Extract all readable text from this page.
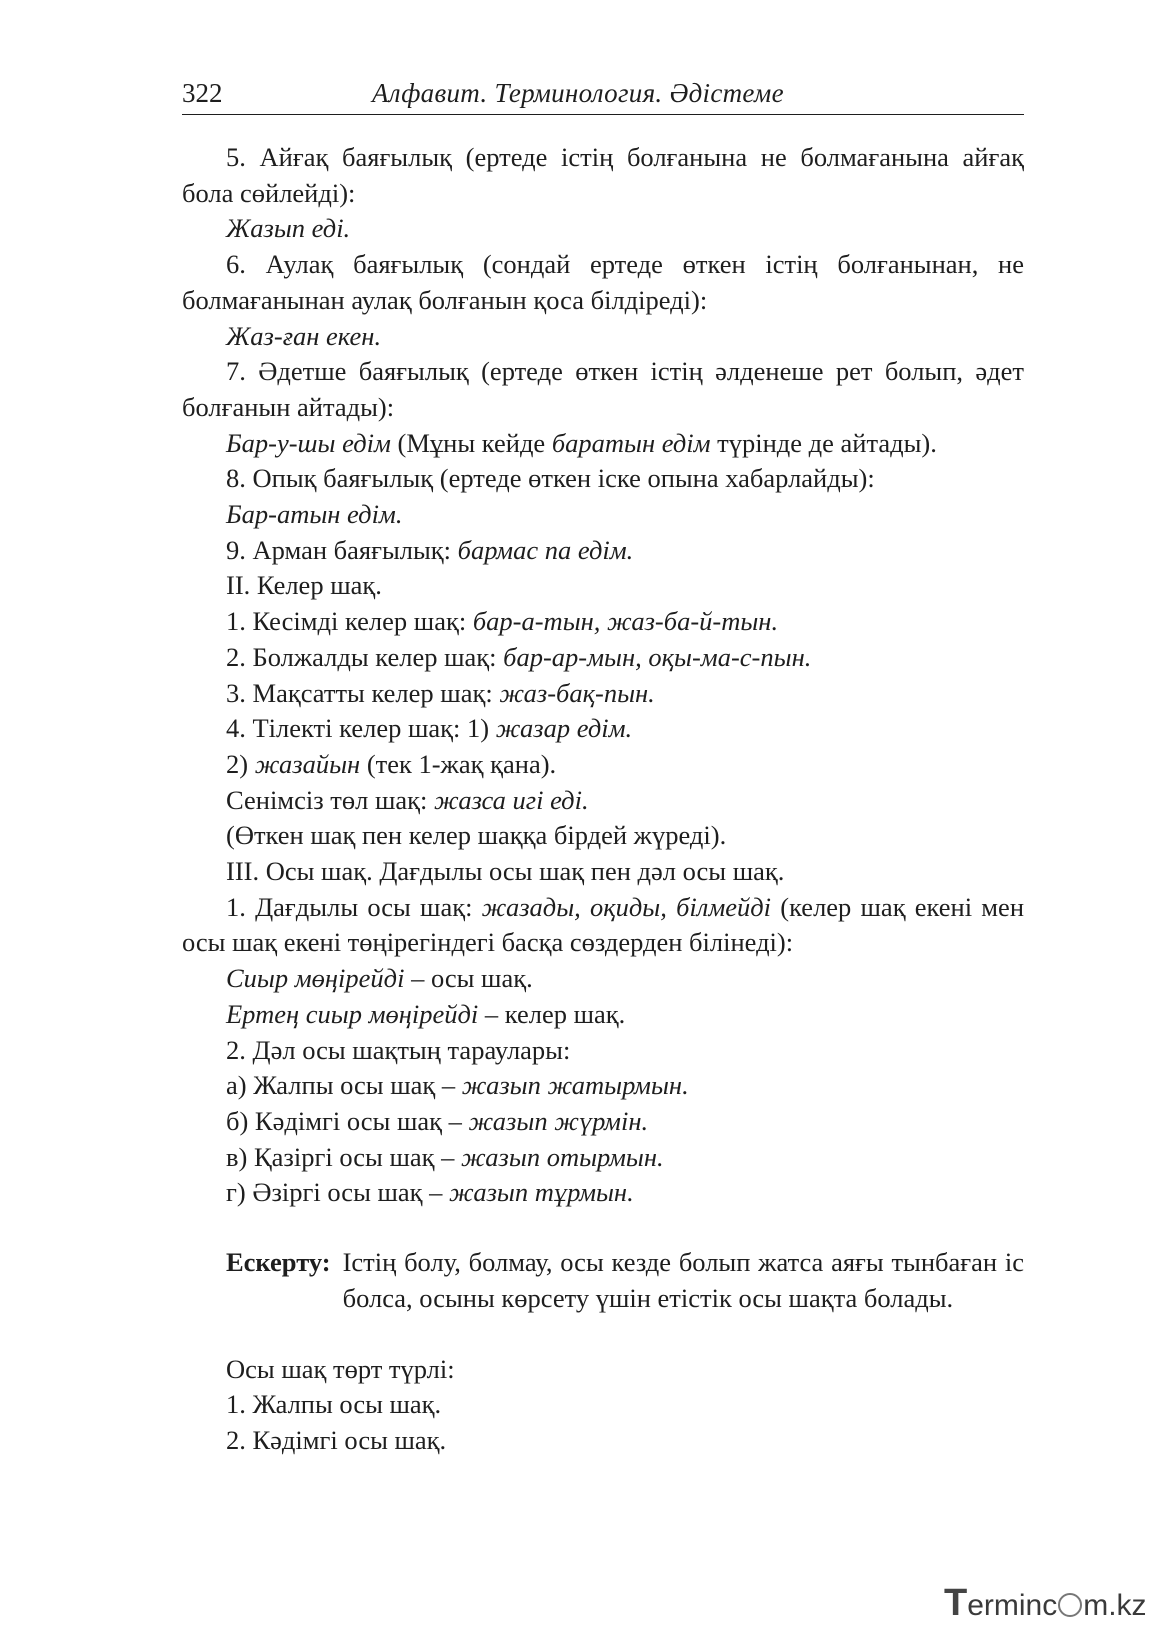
322	Алфавит. Терминология. Әдістеме

5. Айғақ баяғылық (ертеде істің болғанына не болмағанына айғақ бола сөйлейді):

Жазып еді.

6. Аулақ баяғылық (сондай ертеде өткен істің болғанынан, не болмағанынан аулақ болғанын қоса білдіреді):

Жаз-ған екен.

7. Әдетше баяғылық (ертеде өткен істің әлденеше рет болып, әдет болғанын айтады):

Бар-у-шы едім (Мұны кейде баратын едім түрінде де айтады).

8. Опық баяғылық (ертеде өткен іске опына хабарлайды):

Бар-атын едім.

9. Арман баяғылық: бармас па едім.

ІІ. Келер шақ.

1. Кесімді келер шақ: бар-а-тын, жаз-ба-й-тын.

2. Болжалды келер шақ: бар-ар-мын, оқы-ма-с-пын.

3. Мақсатты келер шақ: жаз-бақ-пын.

4. Тілекті келер шақ: 1) жазар едім.

2) жазайын (тек 1-жақ қана).

Сенімсіз төл шақ: жазса игі еді.

(Өткен шақ пен келер шаққа бірдей жүреді).

ІІІ. Осы шақ. Дағдылы осы шақ пен дәл осы шақ.

1. Дағдылы осы шақ: жазады, оқиды, білмейді (келер шақ екені мен осы шақ екені төңірегіндегі басқа сөздерден білінеді):

Сиыр мөңірейді – осы шақ.

Ертең сиыр мөңірейді – келер шақ.

2. Дәл осы шақтың тараулары:

а) Жалпы осы шақ – жазып жатырмын.

б) Кәдімгі осы шақ – жазып жүрмін.

в) Қазіргі осы шақ – жазып отырмын.

г) Әзіргі осы шақ – жазып тұрмын.

Ескерту: Істің болу, болмау, осы кезде болып жатса аяғы тынбаған іс болса, осыны көрсету үшін етістік осы шақта болады.

Осы шақ төрт түрлі:

1. Жалпы осы шақ.

2. Кәдімгі осы шақ.

Terminc m.kz
